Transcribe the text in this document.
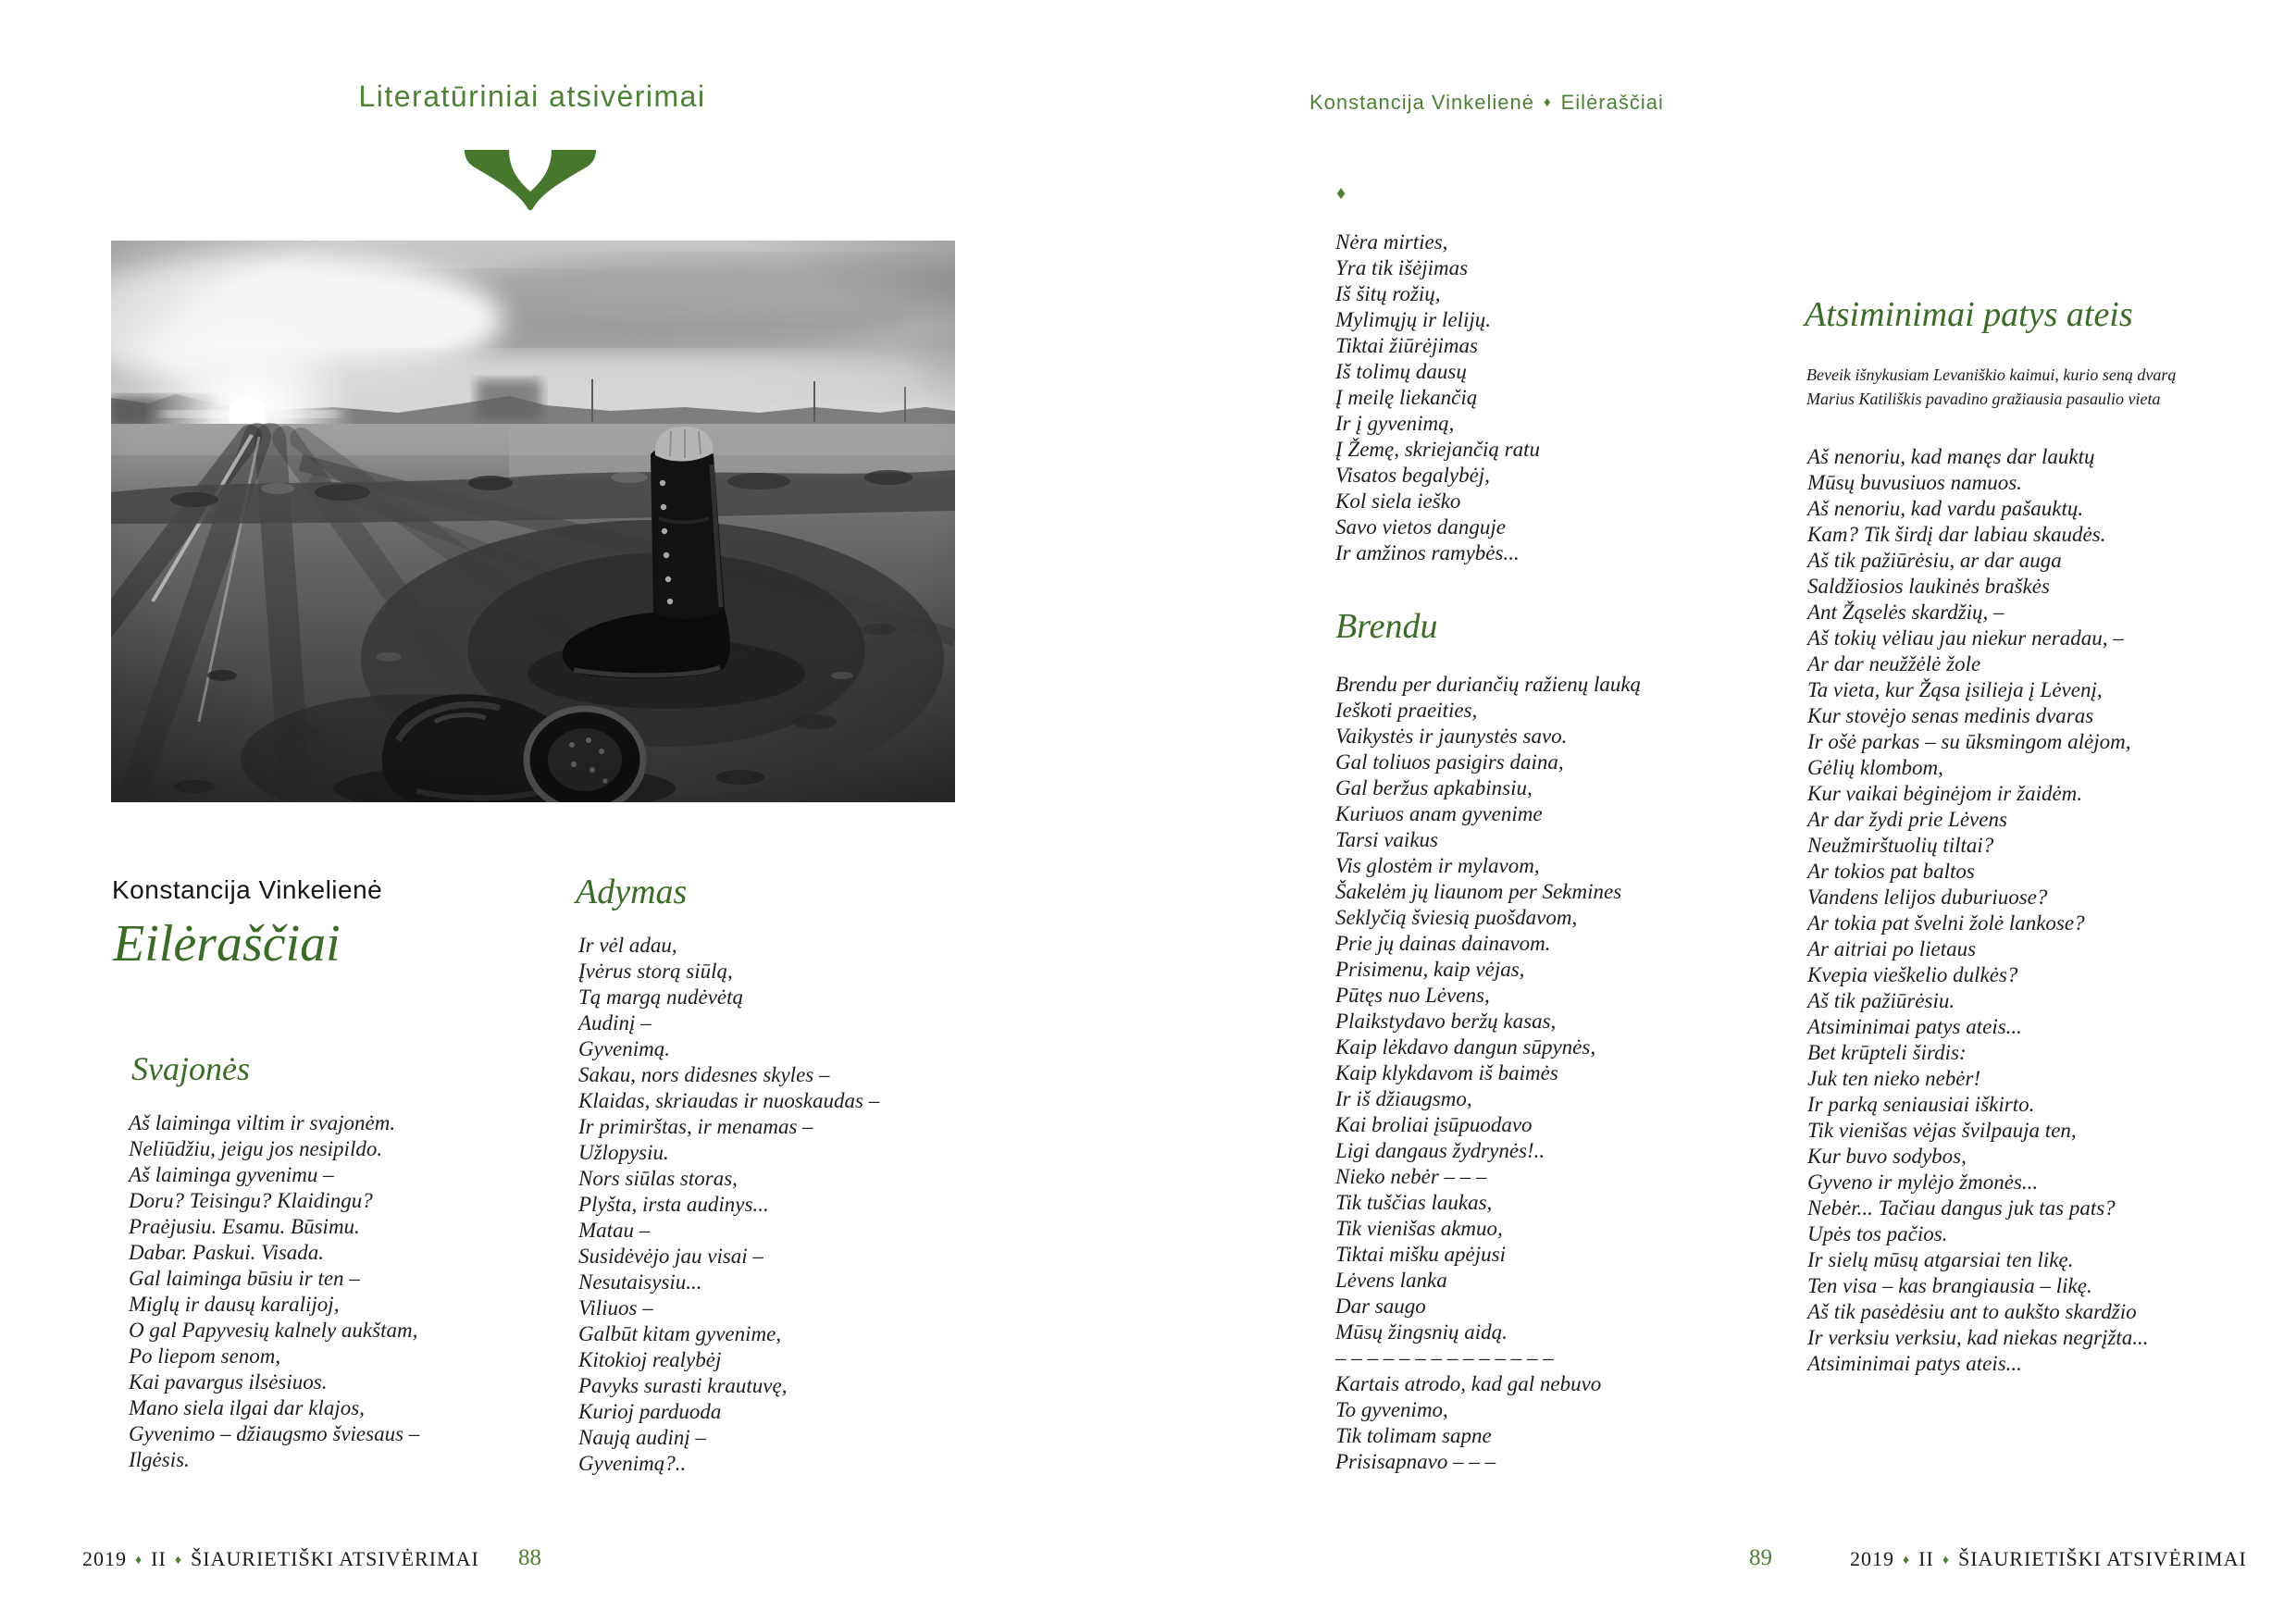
Literatūriniai atsivėrimai
Konstancija Vinkelienė
Eilėraščiai
Svajonės
Aš laiminga viltim ir svajonėm.
Neliūdžiu, jeigu jos nesipildo.
Aš laiminga gyvenimu –
Doru? Teisingu? Klaidingu?
Praėjusiu. Esamu. Būsimu.
Dabar. Paskui. Visada.
Gal laiminga būsiu ir ten –
Miglų ir dausų karalijoj,
O gal Papyvesių kalnely aukštam,
Po liepom senom,
Kai pavargus ilsėsiuos.
Mano siela ilgai dar klajos,
Gyvenimo – džiaugsmo šviesaus –
Ilgėsis.
Adymas
Ir vėl adau,
Įvėrus storą siūlą,
Tą margą nudėvėtą
Audinį –
Gyvenimą.
Sakau, nors didesnes skyles –
Klaidas, skriaudas ir nuoskaudas –
Ir primirštas, ir menamas –
Užlopysiu.
Nors siūlas storas,
Plyšta, irsta audinys...
Matau –
Susidėvėjo jau visai –
Nesutaisysiu...
Viliuos –
Galbūt kitam gyvenime,
Kitokioj realybėj
Pavyks surasti krautuvę,
Kurioj parduoda
Naują audinį –
Gyvenimą?..
2019 ♦ II ♦ ŠIAURIETIŠKI ATSIVĖRIMAI 88
Konstancija Vinkelienė ♦ Eilėraščiai
♦
Nėra mirties,
Yra tik išėjimas
Iš šitų rožių,
Mylimųjų ir lelijų.
Tiktai žiūrėjimas
Iš tolimų dausų
Į meilę liekančią
Ir į gyvenimą,
Į Žemę, skriejančią ratu
Visatos begalybėj,
Kol siela ieško
Savo vietos danguje
Ir amžinos ramybės...
Brendu
Brendu per duriančių ražienų lauką
Ieškoti praeities,
Vaikystės ir jaunystės savo.
Gal toliuos pasigirs daina,
Gal beržus apkabinsiu,
Kuriuos anam gyvenime
Tarsi vaikus
Vis glostėm ir mylavom,
Šakelėm jų liaunom per Sekmines
Seklyčią šviesią puošdavom,
Prie jų dainas dainavom.
Prisimenu, kaip vėjas,
Pūtęs nuo Lėvens,
Plaikstydavo beržų kasas,
Kaip lėkdavo dangun sūpynės,
Kaip klykdavom iš baimės
Ir iš džiaugsmo,
Kai broliai įsūpuodavo
Ligi dangaus žydrynės!..
Nieko nebėr – – –
Tik tuščias laukas,
Tik vienišas akmuo,
Tiktai mišku apėjusi
Lėvens lanka
Dar saugo
Mūsų žingsnių aidą.
– – – – – – – – – – – – – –
Kartais atrodo, kad gal nebuvo
To gyvenimo,
Tik tolimam sapne
Prisisapnavo – – –
Atsiminimai patys ateis
Beveik išnykusiam Levaniškio kaimui, kurio seną dvarą
Marius Katiliškis pavadino gražiausia pasaulio vieta
Aš nenoriu, kad manęs dar lauktų
Mūsų buvusiuos namuos.
Aš nenoriu, kad vardu pašauktų.
Kam? Tik širdį dar labiau skaudės.
Aš tik pažiūrėsiu, ar dar auga
Saldžiosios laukinės braškės
Ant Žąselės skardžių, –
Aš tokių vėliau jau niekur neradau, –
Ar dar neužžėlė žole
Ta vieta, kur Žąsa įsilieja į Lėvenį,
Kur stovėjo senas medinis dvaras
Ir ošė parkas – su ūksmingom alėjom,
Gėlių klombom,
Kur vaikai bėginėjom ir žaidėm.
Ar dar žydi prie Lėvens
Neužmirštuolių tiltai?
Ar tokios pat baltos
Vandens lelijos duburiuose?
Ar tokia pat švelni žolė lankose?
Ar aitriai po lietaus
Kvepia vieškelio dulkės?
Aš tik pažiūrėsiu.
Atsiminimai patys ateis...
Bet krūpteli širdis:
Juk ten nieko nebėr!
Ir parką seniausiai iškirto.
Tik vienišas vėjas švilpauja ten,
Kur buvo sodybos,
Gyveno ir mylėjo žmonės...
Nebėr... Tačiau dangus juk tas pats?
Upės tos pačios.
Ir sielų mūsų atgarsiai ten likę.
Ten visa – kas brangiausia – likę.
Aš tik pasėdėsiu ant to aukšto skardžio
Ir verksiu verksiu, kad niekas negrįžta...
Atsiminimai patys ateis...
89	2019 ♦ II ♦ ŠIAURIETIŠKI ATSIVĖRIMAI
